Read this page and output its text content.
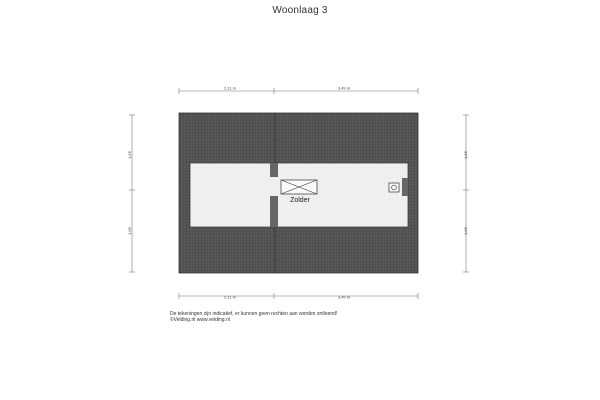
Woonlaag 3
2,11 m	3,49 m
2,11 m	3,49 m
1,66
1,66
1,66
1,66
Zolder
De tekeningen zijn indicatief, er kunnen geen rechten aan worden ontleend!
©Velding.nl www.velding.nl
